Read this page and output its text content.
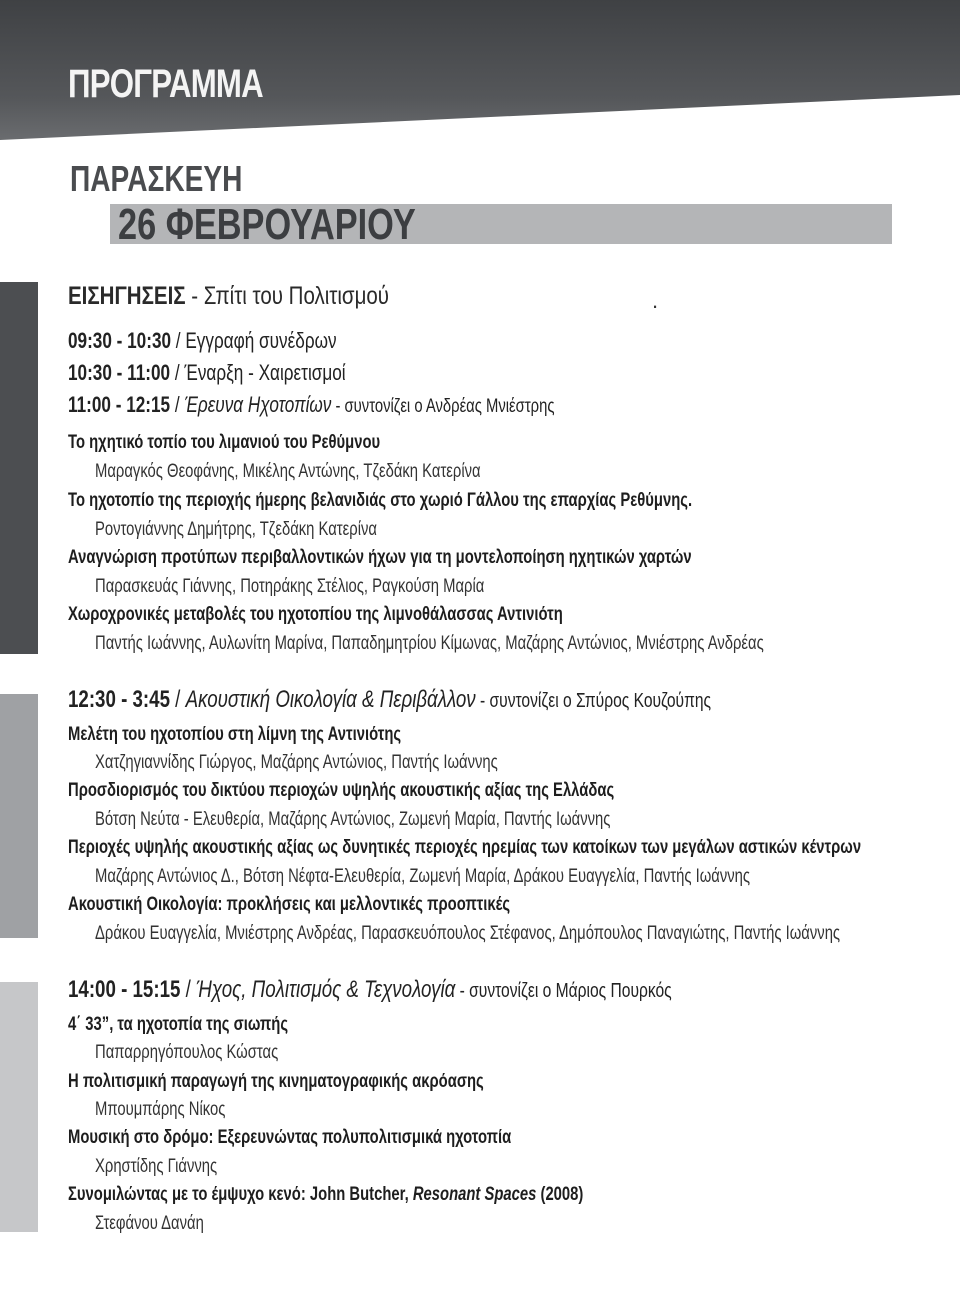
ΠΡΟΓΡΑΜΜΑ
ΠΑΡΑΣΚΕΥΗ
26 ΦΕΒΡΟΥΑΡΙΟΥ
ΕΙΣΗΓΗΣΕΙΣ - Σπίτι του Πολιτισμού	.
09:30 - 10:30 / Εγγραφή συνέδρων
10:30 - 11:00 / Έναρξη - Χαιρετισμοί
11:00 - 12:15 / Έρευνα Ηχοτοπίων - συντονίζει ο Ανδρέας Μνιέστρης
Το ηχητικό τοπίο του λιμανιού του Ρεθύμνου
Μαραγκός Θεοφάνης, Μικέλης Αντώνης, Τζεδάκη Κατερίνα
Το ηχοτοπίο της περιοχής ήμερης βελανιδιάς στο χωριό Γάλλου της επαρχίας Ρεθύμνης.
Ροντογιάννης Δημήτρης, Τζεδάκη Κατερίνα
Αναγνώριση προτύπων περιβαλλοντικών ήχων για τη μοντελοποίηση ηχητικών χαρτών
Παρασκευάς Γιάννης, Ποτηράκης Στέλιος, Ραγκούση Μαρία
Χωροχρονικές μεταβολές του ηχοτοπίου της λιμνοθάλασσας Αντινιότη
Παντής Ιωάννης, Αυλωνίτη Μαρίνα, Παπαδημητρίου Κίμωνας, Μαζάρης Αντώνιος, Μνιέστρης Ανδρέας
12:30 - 3:45 / Ακουστική Οικολογία & Περιβάλλον - συντονίζει ο Σπύρος Κουζούπης
Μελέτη του ηχοτοπίου στη λίμνη της Αντινιότης
Χατζηγιαννίδης Γιώργος, Μαζάρης Αντώνιος, Παντής Ιωάννης
Προσδιορισμός του δικτύου περιοχών υψηλής ακουστικής αξίας της Ελλάδας
Βότση Νεύτα - Ελευθερία, Μαζάρης Αντώνιος, Ζωμενή Μαρία, Παντής Ιωάννης
Περιοχές υψηλής ακουστικής αξίας ως δυνητικές περιοχές ηρεμίας των κατοίκων των μεγάλων αστικών κέντρων
Μαζάρης Αντώνιος Δ., Βότση Νέφτα-Ελευθερία, Ζωμενή Μαρία, Δράκου Ευαγγελία, Παντής Ιωάννης
Ακουστική Οικολογία: προκλήσεις και μελλοντικές προοπτικές
Δράκου Ευαγγελία, Μνιέστρης Ανδρέας, Παρασκευόπουλος Στέφανος, Δημόπουλος Παναγιώτης, Παντής Ιωάννης
14:00 - 15:15 / Ήχος, Πολιτισμός & Τεχνολογία - συντονίζει ο Μάριος Πουρκός
4΄ 33”, τα ηχοτοπία της σιωπής
Παπαρρηγόπουλος Κώστας
Η πολιτισμική παραγωγή της κινηματογραφικής ακρόασης
Μπουμπάρης Νίκος
Μουσική στο δρόμο: Εξερευνώντας πολυπολιτισμικά ηχοτοπία
Χρηστίδης Γιάννης
Συνομιλώντας με το έμψυχο κενό: John Butcher, Resonant Spaces (2008)
Στεφάνου Δανάη
